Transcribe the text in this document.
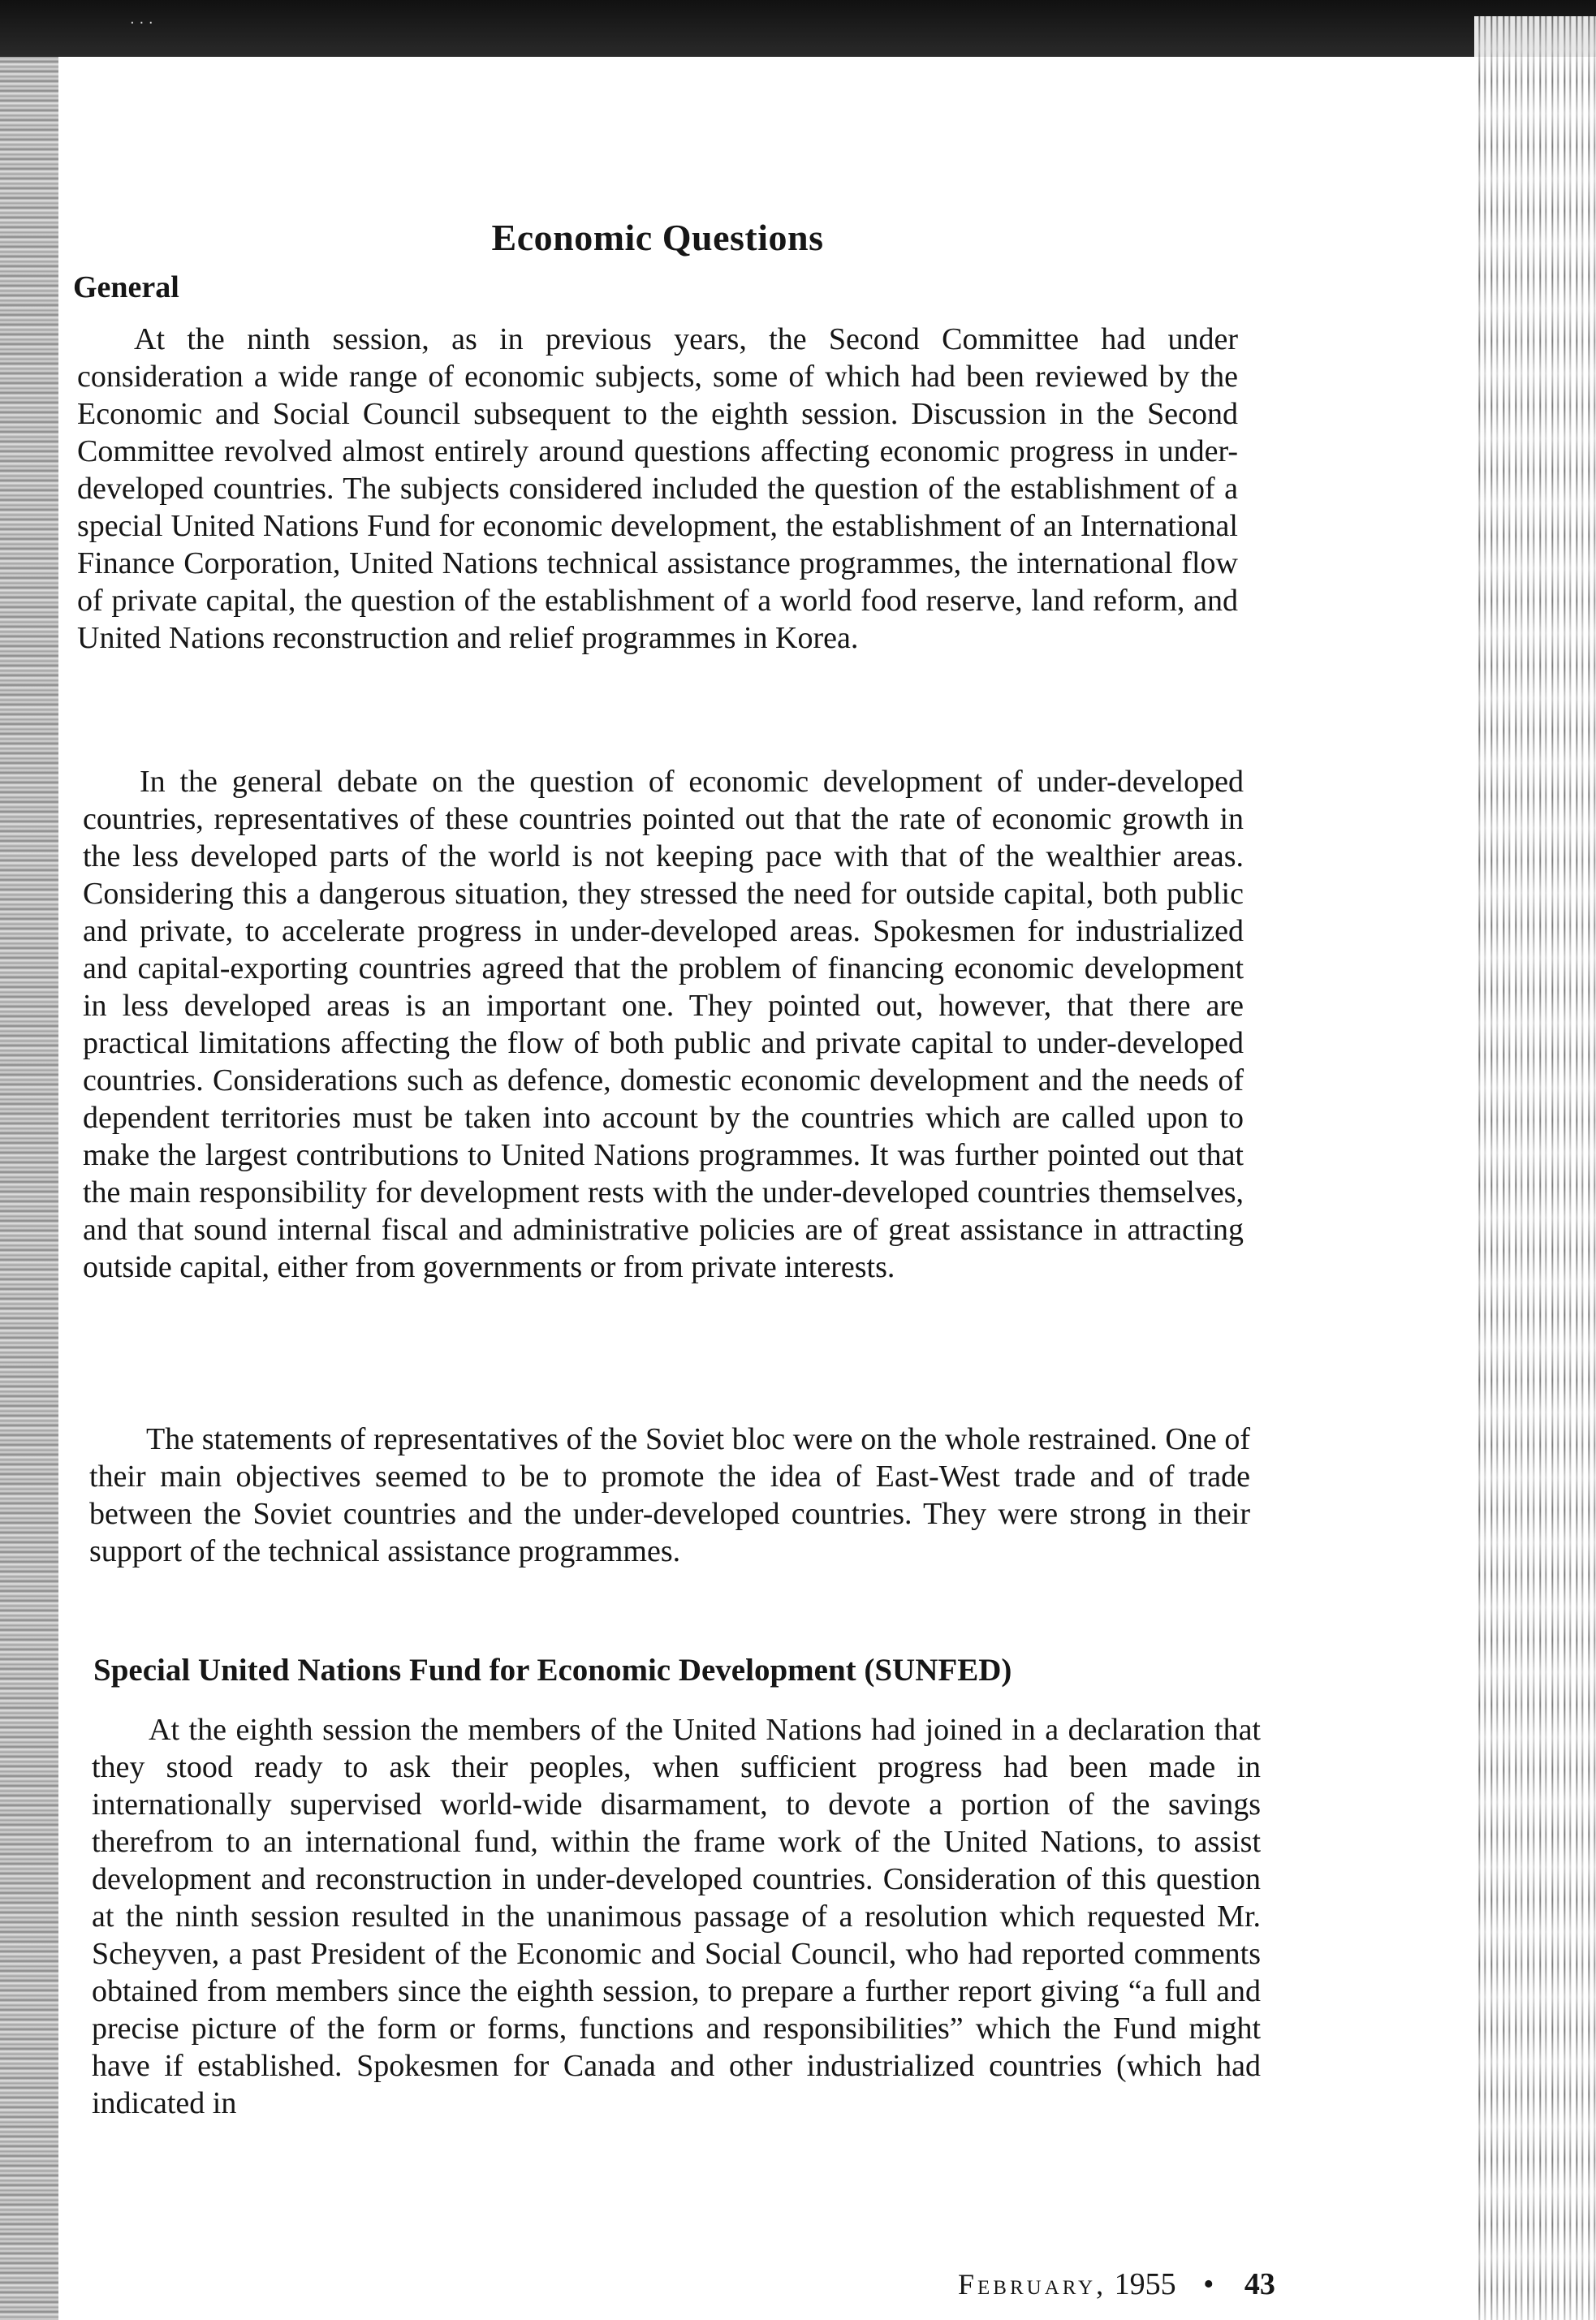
· · ·
Economic Questions
General

At the ninth session, as in previous years, the Second Committee had under consideration a wide range of economic subjects, some of which had been reviewed by the Economic and Social Council subsequent to the eighth session. Discussion in the Second Committee revolved almost entirely around questions affecting economic progress in under-developed countries. The subjects considered included the question of the establishment of a special United Nations Fund for economic development, the establishment of an International Finance Corporation, United Nations technical assistance programmes, the international flow of private capital, the question of the establishment of a world food reserve, land reform, and United Nations reconstruction and relief programmes in Korea.

In the general debate on the question of economic development of under-developed countries, representatives of these countries pointed out that the rate of economic growth in the less developed parts of the world is not keeping pace with that of the wealthier areas. Considering this a dangerous situation, they stressed the need for outside capital, both public and private, to accelerate progress in under-developed areas. Spokesmen for industrialized and capital-exporting countries agreed that the problem of financing economic development in less developed areas is an important one. They pointed out, however, that there are practical limitations affecting the flow of both public and private capital to under-developed countries. Considerations such as defence, domestic economic development and the needs of dependent territories must be taken into account by the countries which are called upon to make the largest contributions to United Nations programmes. It was further pointed out that the main responsibility for development rests with the under-developed countries themselves, and that sound internal fiscal and administrative policies are of great assistance in attracting outside capital, either from governments or from private interests.

The statements of representatives of the Soviet bloc were on the whole restrained. One of their main objectives seemed to be to promote the idea of East-West trade and of trade between the Soviet countries and the under-developed countries. They were strong in their support of the technical assistance programmes.

Special United Nations Fund for Economic Development (SUNFED)

At the eighth session the members of the United Nations had joined in a declaration that they stood ready to ask their peoples, when sufficient progress had been made in internationally supervised world-wide disarmament, to devote a portion of the savings therefrom to an international fund, within the frame work of the United Nations, to assist development and reconstruction in under-developed countries. Consideration of this question at the ninth session resulted in the unanimous passage of a resolution which requested Mr. Scheyven, a past President of the Economic and Social Council, who had reported comments obtained from members since the eighth session, to prepare a further report giving “a full and precise picture of the form or forms, functions and responsibilities” which the Fund might have if established. Spokesmen for Canada and other industrialized countries (which had indicated in

February, 1955 • 43
